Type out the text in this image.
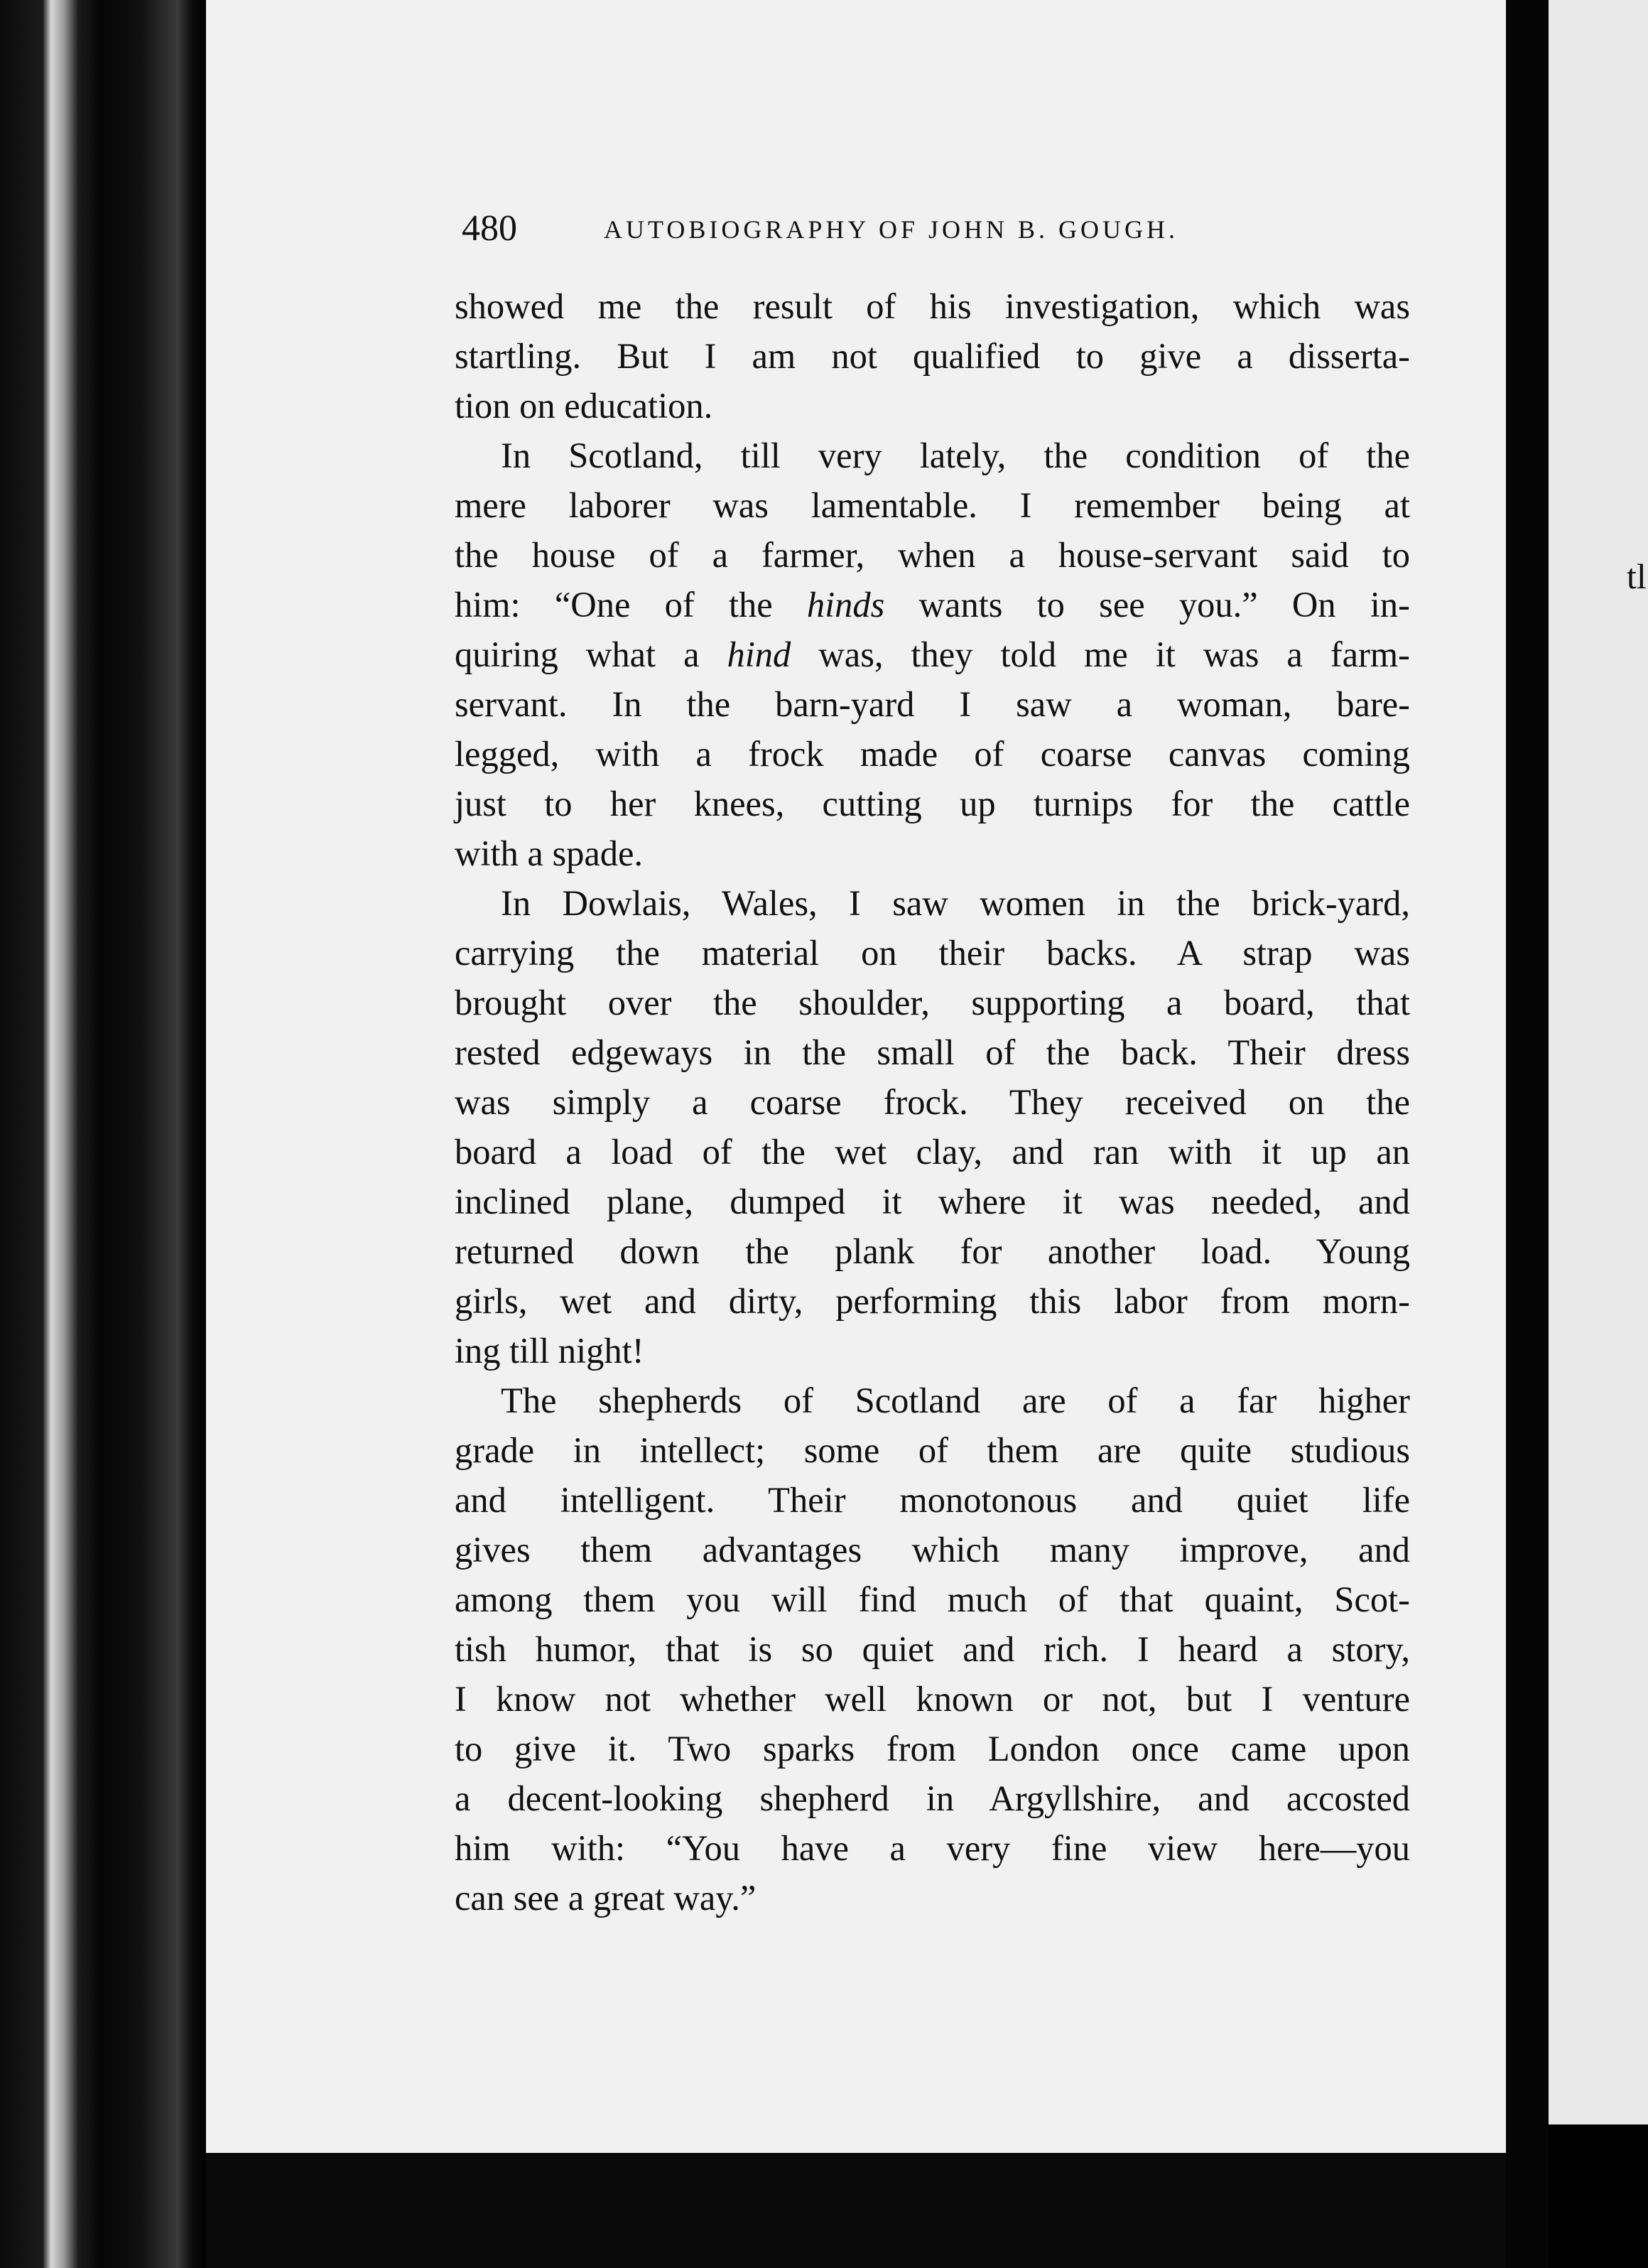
tl
480	AUTOBIOGRAPHY OF JOHN B. GOUGH.
showed me the result of his investigation, which was
startling. But I am not qualified to give a disserta-
tion on education.
In Scotland, till very lately, the condition of the
mere laborer was lamentable. I remember being at
the house of a farmer, when a house-servant said to
him: “One of the hinds wants to see you.” On in-
quiring what a hind was, they told me it was a farm-
servant. In the barn-yard I saw a woman, bare-
legged, with a frock made of coarse canvas coming
just to her knees, cutting up turnips for the cattle
with a spade.
In Dowlais, Wales, I saw women in the brick-yard,
carrying the material on their backs. A strap was
brought over the shoulder, supporting a board, that
rested edgeways in the small of the back. Their dress
was simply a coarse frock. They received on the
board a load of the wet clay, and ran with it up an
inclined plane, dumped it where it was needed, and
returned down the plank for another load. Young
girls, wet and dirty, performing this labor from morn-
ing till night!
The shepherds of Scotland are of a far higher
grade in intellect; some of them are quite studious
and intelligent. Their monotonous and quiet life
gives them advantages which many improve, and
among them you will find much of that quaint, Scot-
tish humor, that is so quiet and rich. I heard a story,
I know not whether well known or not, but I venture
to give it. Two sparks from London once came upon
a decent-looking shepherd in Argyllshire, and accosted
him with: “You have a very fine view here—you
can see a great way.”
